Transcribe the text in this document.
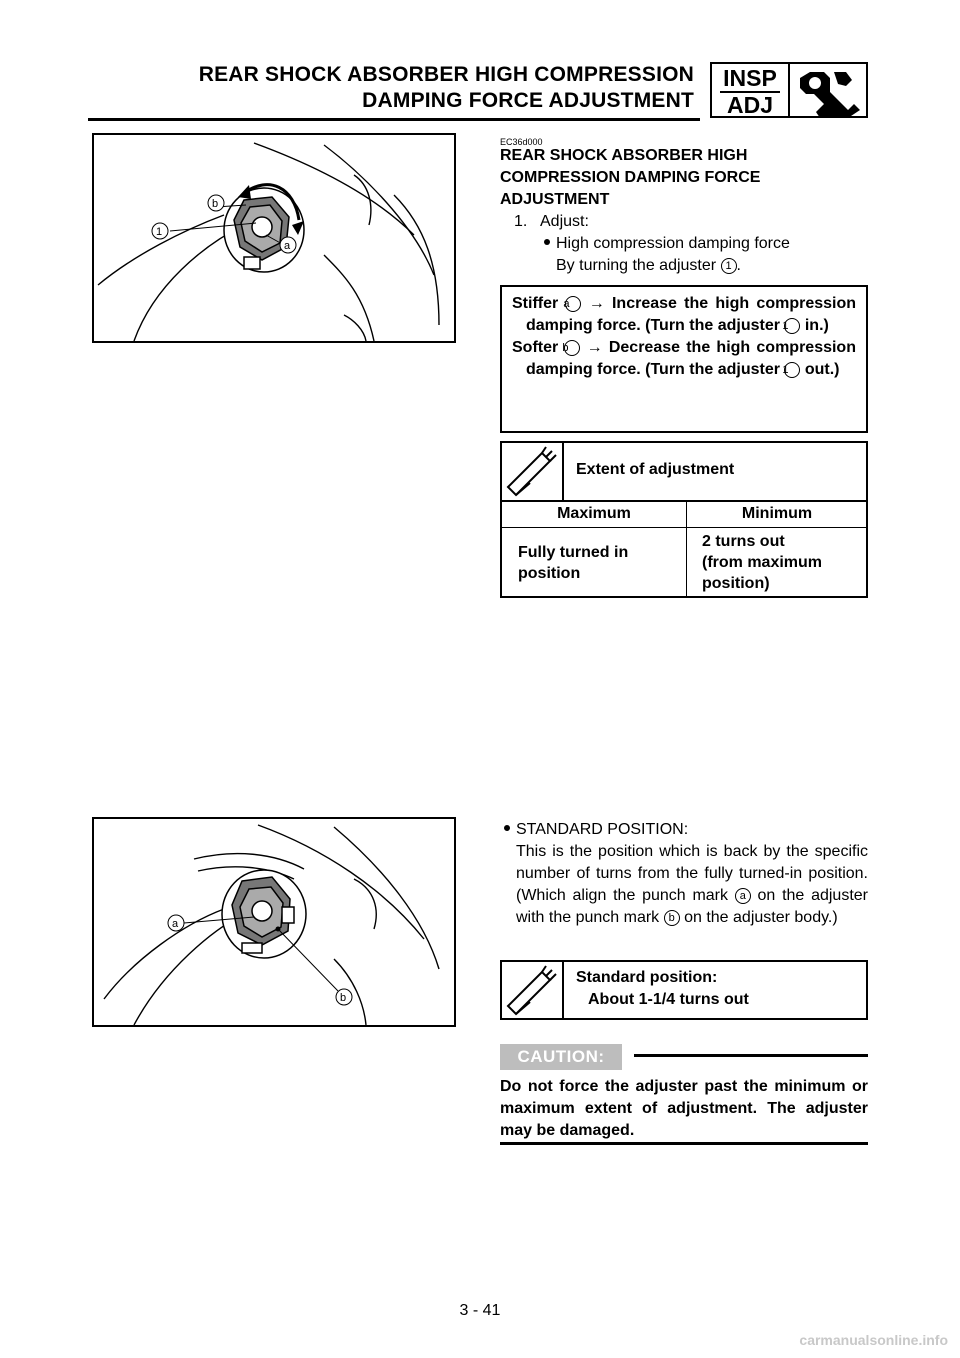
REAR SHOCK ABSORBER HIGH COMPRESSION
DAMPING FORCE ADJUSTMENT
INSP
ADJ
1
b
a
EC36d000
REAR SHOCK ABSORBER HIGH COMPRESSION DAMPING FORCE ADJUSTMENT
1. Adjust:
High compression damping force
By turning the adjuster 1 .
Stiffer a → Increase the high compression damping force. (Turn the adjuster 1 in.)
Softer b → Decrease the high compression damping force. (Turn the adjuster 1 out.)
Extent of adjustment
Maximum	Minimum
Fully turned in
position
2 turns out
(from maximum
position)
a
b
STANDARD POSITION:
This is the position which is back by the specific number of turns from the fully turned-in position. (Which align the punch mark a on the adjuster with the punch mark b on the adjuster body.)
Standard position:
About 1-1/4 turns out
CAUTION:
Do not force the adjuster past the minimum or maximum extent of adjustment. The adjuster may be damaged.
3 - 41
carmanualsonline.info
